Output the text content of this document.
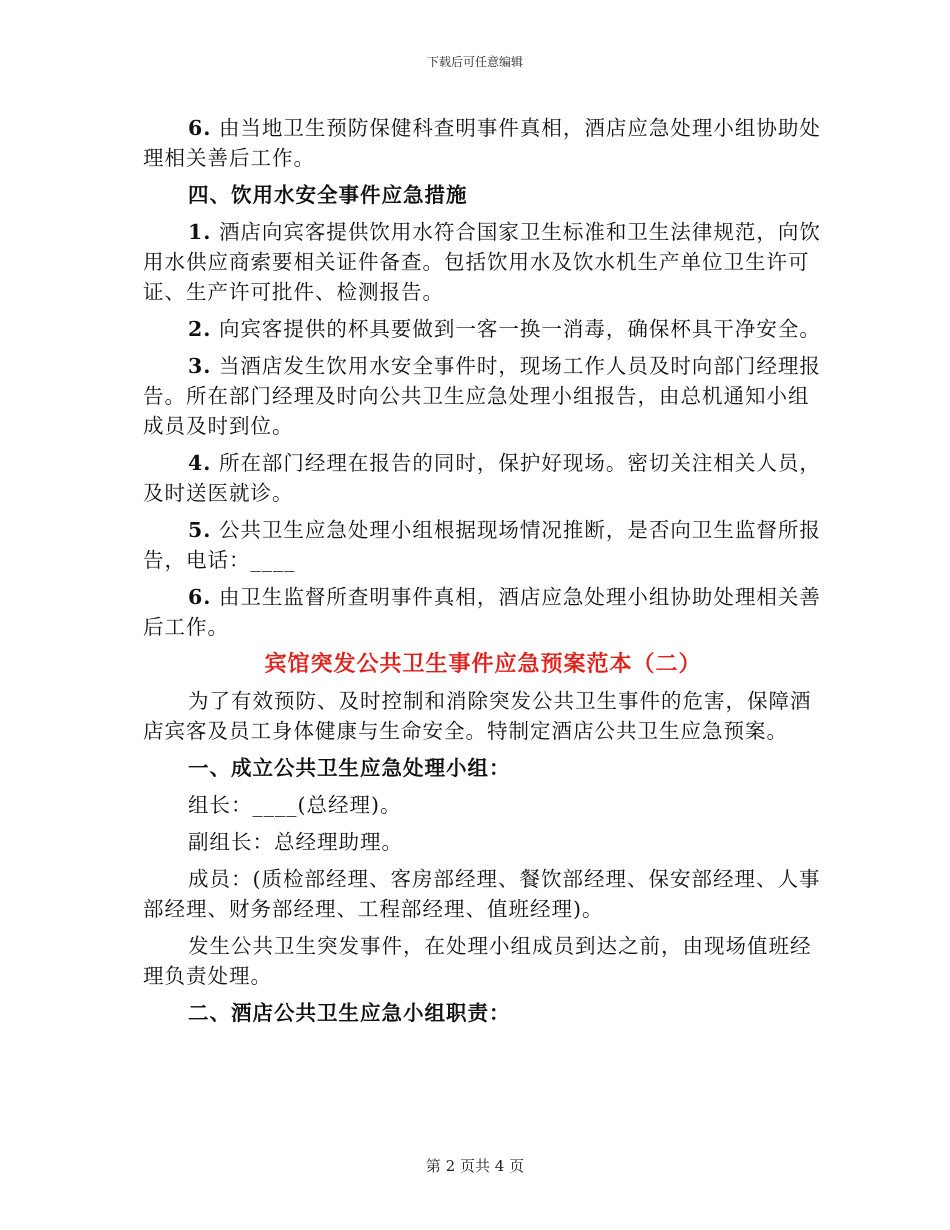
下载后可任意编辑

6. 由当地卫生预防保健科查明事件真相，酒店应急处理小组协助处理相关善后工作。

四、饮用水安全事件应急措施

1. 酒店向宾客提供饮用水符合国家卫生标准和卫生法律规范，向饮用水供应商索要相关证件备查。包括饮用水及饮水机生产单位卫生许可证、生产许可批件、检测报告。

2. 向宾客提供的杯具要做到一客一换一消毒，确保杯具干净安全。

3. 当酒店发生饮用水安全事件时，现场工作人员及时向部门经理报告。所在部门经理及时向公共卫生应急处理小组报告，由总机通知小组成员及时到位。

4. 所在部门经理在报告的同时，保护好现场。密切关注相关人员，及时送医就诊。

5. 公共卫生应急处理小组根据现场情况推断，是否向卫生监督所报告，电话：____

6. 由卫生监督所查明事件真相，酒店应急处理小组协助处理相关善后工作。

宾馆突发公共卫生事件应急预案范本（二）

为了有效预防、及时控制和消除突发公共卫生事件的危害，保障酒店宾客及员工身体健康与生命安全。特制定酒店公共卫生应急预案。

一、成立公共卫生应急处理小组：

组长：____(总经理)。

副组长：总经理助理。

成员：(质检部经理、客房部经理、餐饮部经理、保安部经理、人事部经理、财务部经理、工程部经理、值班经理)。

发生公共卫生突发事件，在处理小组成员到达之前，由现场值班经理负责处理。

二、酒店公共卫生应急小组职责：

第 2 页共 4 页
